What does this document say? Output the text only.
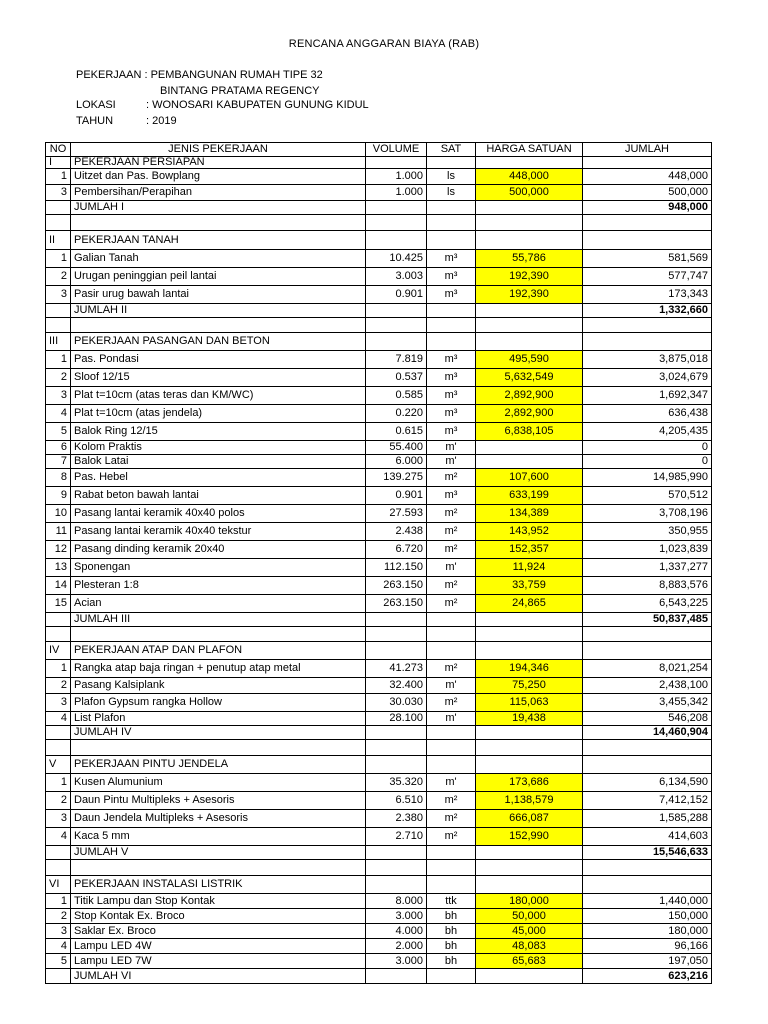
RENCANA ANGGARAN BIAYA (RAB)
PEKERJAAN : PEMBANGUNAN RUMAH TIPE 32
BINTANG PRATAMA REGENCY
LOKASI	: WONOSARI KABUPATEN GUNUNG KIDUL
TAHUN	: 2019
NO	JENIS PEKERJAAN	VOLUME	SAT	HARGA SATUAN	JUMLAH
I	PEKERJAAN PERSIAPAN				
1	Uitzet dan Pas. Bowplang	1.000	ls	448,000	448,000
3	Pembersihan/Perapihan	1.000	ls	500,000	500,000
	JUMLAH I				948,000

II	PEKERJAAN TANAH				
1	Galian Tanah	10.425	m³	55,786	581,569
2	Urugan peninggian peil lantai	3.003	m³	192,390	577,747
3	Pasir urug bawah lantai	0.901	m³	192,390	173,343
	JUMLAH II				1,332,660

III	PEKERJAAN PASANGAN DAN BETON				
1	Pas. Pondasi	7.819	m³	495,590	3,875,018
2	Sloof 12/15	0.537	m³	5,632,549	3,024,679
3	Plat t=10cm (atas teras dan KM/WC)	0.585	m³	2,892,900	1,692,347
4	Plat t=10cm (atas jendela)	0.220	m³	2,892,900	636,438
5	Balok Ring 12/15	0.615	m³	6,838,105	4,205,435
6	Kolom Praktis	55.400	m'		0
7	Balok Latai	6.000	m'		0
8	Pas. Hebel	139.275	m²	107,600	14,985,990
9	Rabat beton bawah lantai	0.901	m³	633,199	570,512
10	Pasang lantai keramik 40x40 polos	27.593	m²	134,389	3,708,196
11	Pasang lantai keramik 40x40 tekstur	2.438	m²	143,952	350,955
12	Pasang dinding keramik 20x40	6.720	m²	152,357	1,023,839
13	Sponengan	112.150	m'	11,924	1,337,277
14	Plesteran 1:8	263.150	m²	33,759	8,883,576
15	Acian	263.150	m²	24,865	6,543,225
	JUMLAH III				50,837,485

IV	PEKERJAAN ATAP DAN PLAFON				
1	Rangka atap baja ringan + penutup atap metal	41.273	m²	194,346	8,021,254
2	Pasang Kalsiplank	32.400	m'	75,250	2,438,100
3	Plafon Gypsum rangka Hollow	30.030	m²	115,063	3,455,342
4	List Plafon	28.100	m'	19,438	546,208
	JUMLAH IV				14,460,904

V	PEKERJAAN PINTU JENDELA				
1	Kusen Alumunium	35.320	m'	173,686	6,134,590
2	Daun Pintu Multipleks + Asesoris	6.510	m²	1,138,579	7,412,152
3	Daun Jendela Multipleks + Asesoris	2.380	m²	666,087	1,585,288
4	Kaca 5 mm	2.710	m²	152,990	414,603
	JUMLAH V				15,546,633

VI	PEKERJAAN INSTALASI LISTRIK				
1	Titik Lampu dan Stop Kontak	8.000	ttk	180,000	1,440,000
2	Stop Kontak Ex. Broco	3.000	bh	50,000	150,000
3	Saklar Ex. Broco	4.000	bh	45,000	180,000
4	Lampu LED 4W	2.000	bh	48,083	96,166
5	Lampu LED 7W	3.000	bh	65,683	197,050
	JUMLAH VI				623,216
